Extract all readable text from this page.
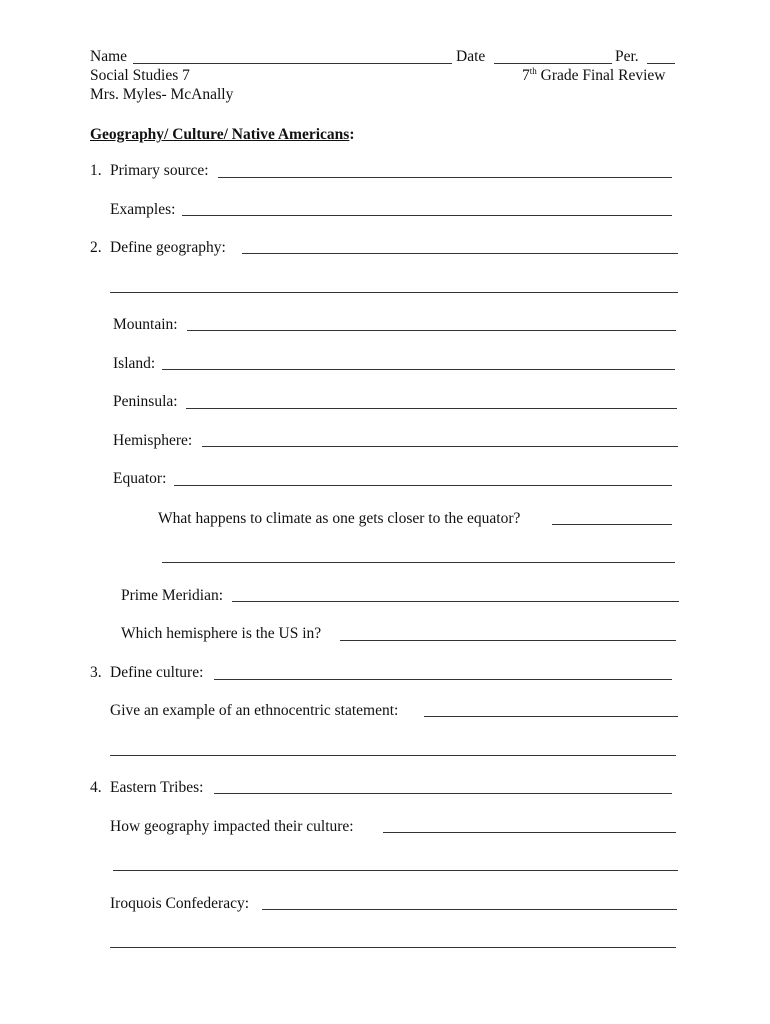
Name	Date	Per.
Social Studies 7	7th Grade Final Review
Mrs. Myles- McAnally
Geography/ Culture/ Native Americans:
1. Primary source:
Examples:
2. Define geography:
Mountain:
Island:
Peninsula:
Hemisphere:
Equator:
What happens to climate as one gets closer to the equator?
Prime Meridian:
Which hemisphere is the US in?
3. Define culture:
Give an example of an ethnocentric statement:
4. Eastern Tribes:
How geography impacted their culture:
Iroquois Confederacy:
